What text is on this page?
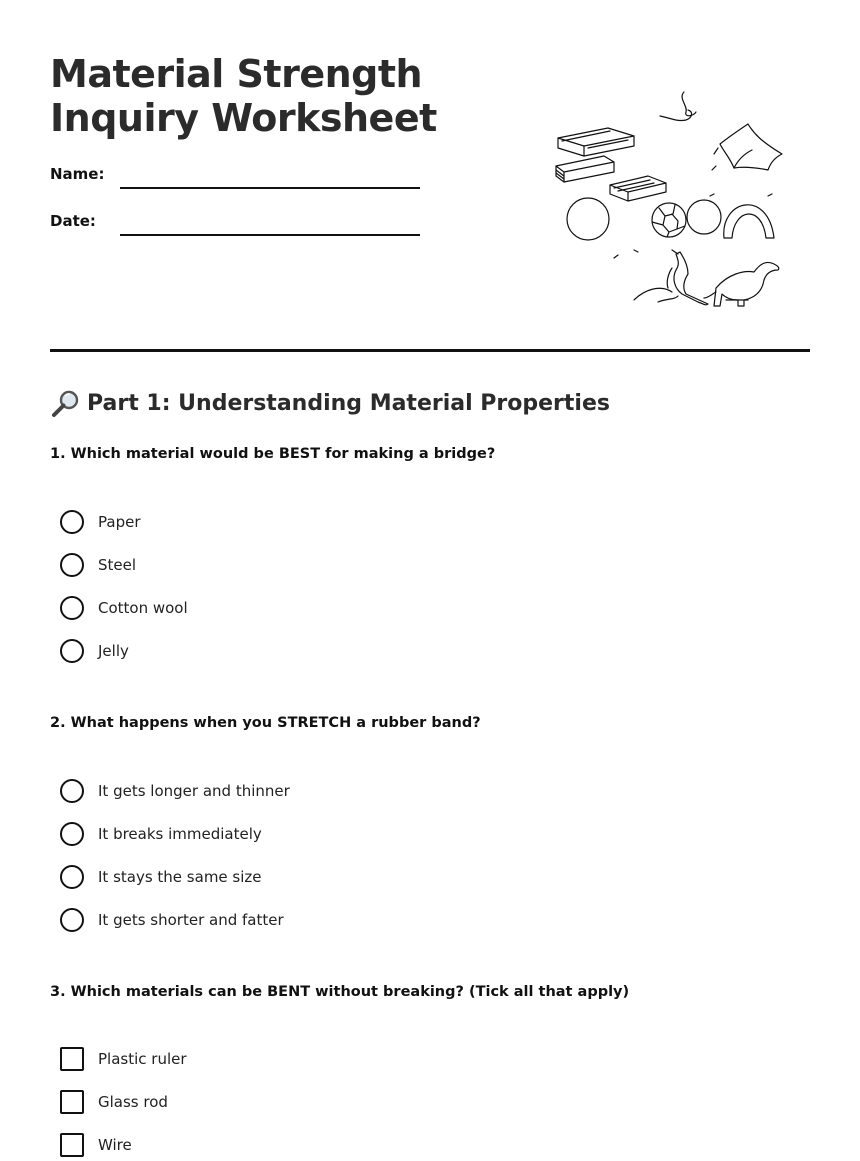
Material Strength
Inquiry Worksheet
Name:
Date:
Part 1: Understanding Material Properties

1. Which material would be BEST for making a bridge?

Paper
Steel
Cotton wool
Jelly

2. What happens when you STRETCH a rubber band?

It gets longer and thinner
It breaks immediately
It stays the same size
It gets shorter and fatter

3. Which materials can be BENT without breaking? (Tick all that apply)

Plastic ruler
Glass rod
Wire
